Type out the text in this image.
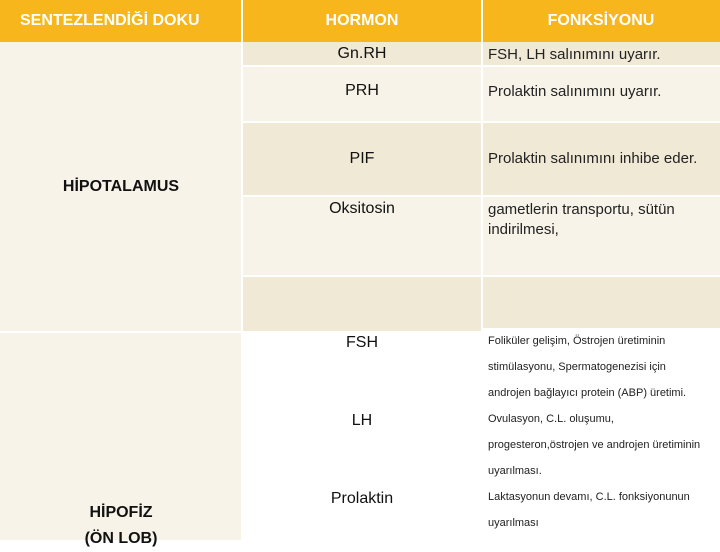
SENTEZLENDİĞİ DOKU	HORMON	FONKSİYONU
HİPOTALAMUS
HİPOFİZ
(ÖN LOB)
Gn.RH
PRH
PIF
Oksitosin
FSH, LH salınımını uyarır.
Prolaktin salınımını uyarır.
Prolaktin salınımını inhibe eder.
gametlerin transportu, sütün indirilmesi,
FSH
LH
Prolaktin
Foliküler gelişim, Östrojen üretiminin
stimülasyonu, Spermatogenezisi için
androjen bağlayıcı protein (ABP) üretimi.
Ovulasyon, C.L. oluşumu,
progesteron,östrojen ve androjen üretiminin
uyarılması.
Laktasyonun devamı, C.L. fonksiyonunun
uyarılması
